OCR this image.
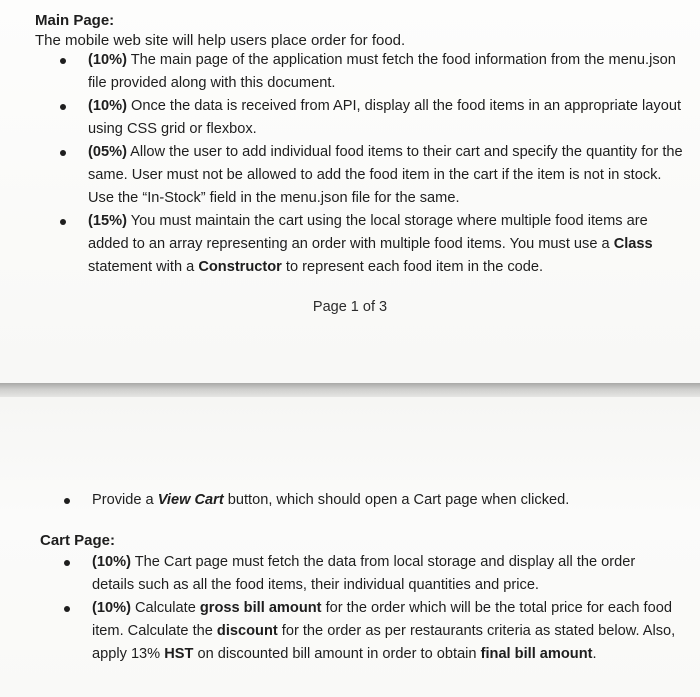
Main Page:
The mobile web site will help users place order for food.
(10%) The main page of the application must fetch the food information from the menu.json file provided along with this document.
(10%) Once the data is received from API, display all the food items in an appropriate layout using CSS grid or flexbox.
(05%) Allow the user to add individual food items to their cart and specify the quantity for the same. User must not be allowed to add the food item in the cart if the item is not in stock. Use the “In-Stock” field in the menu.json file for the same.
(15%) You must maintain the cart using the local storage where multiple food items are added to an array representing an order with multiple food items. You must use a Class statement with a Constructor to represent each food item in the code.
Page 1 of 3
Provide a View Cart button, which should open a Cart page when clicked.
Cart Page:
(10%) The Cart page must fetch the data from local storage and display all the order details such as all the food items, their individual quantities and price.
(10%) Calculate gross bill amount for the order which will be the total price for each food item. Calculate the discount for the order as per restaurants criteria as stated below. Also, apply 13% HST on discounted bill amount in order to obtain final bill amount.
